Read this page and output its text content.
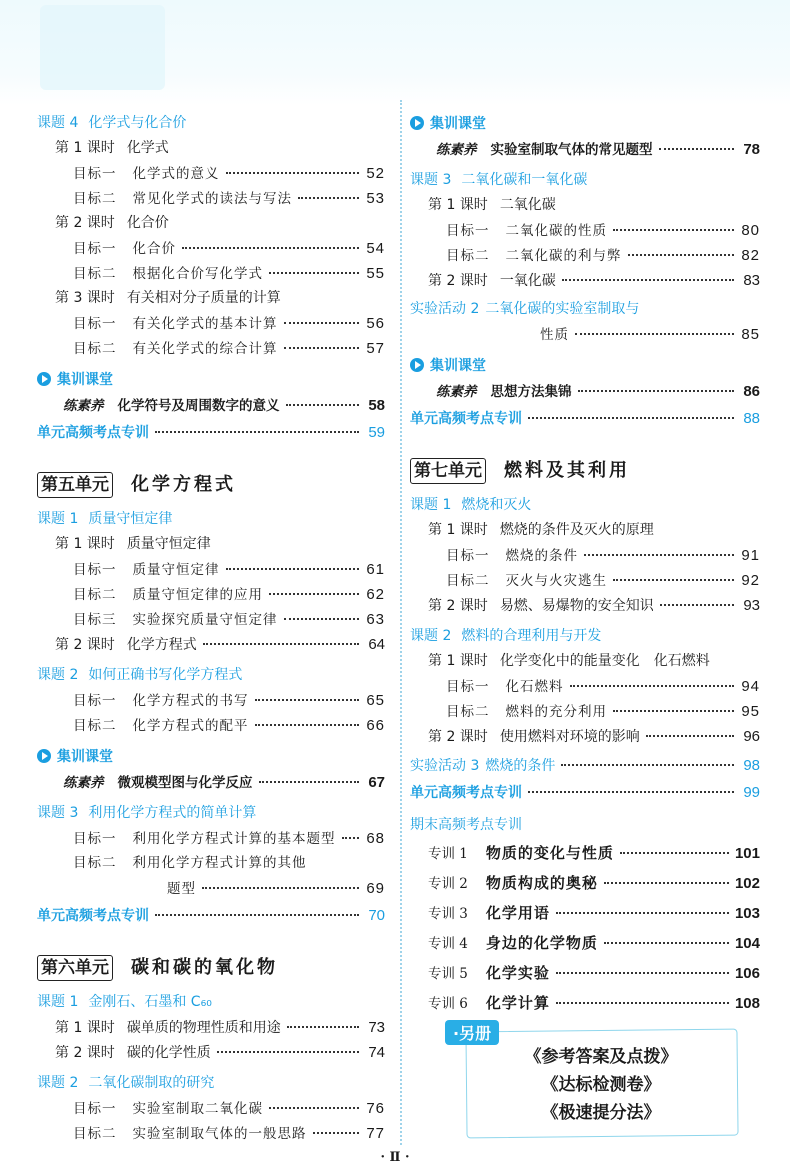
课题 4 化学式与化合价
第 1 课时 化学式
目标一 化学式的意义	52
目标二 常见化学式的读法与写法	53
第 2 课时 化合价
目标一 化合价	54
目标二 根据化合价写化学式	55
第 3 课时 有关相对分子质量的计算
目标一 有关化学式的基本计算	56
目标二 有关化学式的综合计算	57
集训课堂
练素养 化学符号及周围数字的意义	58
单元高频考点专训	59
第五单元 化学方程式
课题 1 质量守恒定律
第 1 课时 质量守恒定律
目标一 质量守恒定律	61
目标二 质量守恒定律的应用	62
目标三 实验探究质量守恒定律	63
第 2 课时 化学方程式	64
课题 2 如何正确书写化学方程式
目标一 化学方程式的书写	65
目标二 化学方程式的配平	66
集训课堂
练素养 微观模型图与化学反应	67
课题 3 利用化学方程式的简单计算
目标一 利用化学方程式计算的基本题型 68
目标二 利用化学方程式计算的其他
题型	69
单元高频考点专训	70
第六单元 碳和碳的氧化物
课题 1 金刚石、石墨和 C₆₀
第 1 课时 碳单质的物理性质和用途	73
第 2 课时 碳的化学性质	74
课题 2 二氧化碳制取的研究
目标一 实验室制取二氧化碳	76
目标二 实验室制取气体的一般思路	77
集训课堂
练素养 实验室制取气体的常见题型	78
课题 3 二氧化碳和一氧化碳
第 1 课时 二氧化碳
目标一 二氧化碳的性质	80
目标二 二氧化碳的利与弊	82
第 2 课时 一氧化碳	83
实验活动 2 二氧化碳的实验室制取与
性质	85
集训课堂
练素养 思想方法集锦	86
单元高频考点专训	88
第七单元 燃料及其利用
课题 1 燃烧和灭火
第 1 课时 燃烧的条件及灭火的原理
目标一 燃烧的条件	91
目标二 灭火与火灾逃生	92
第 2 课时 易燃、易爆物的安全知识	93
课题 2 燃料的合理利用与开发
第 1 课时 化学变化中的能量变化　化石燃料
目标一 化石燃料	94
目标二 燃料的充分利用	95
第 2 课时 使用燃料对环境的影响	96
实验活动 3 燃烧的条件	98
单元高频考点专训	99
期末高频考点专训
专训 1 物质的变化与性质	101
专训 2 物质构成的奥秘	102
专训 3 化学用语	103
专训 4 身边的化学物质	104
专训 5 化学实验	106
专训 6 化学计算	108
·另册
《参考答案及点拨》
《达标检测卷》
《极速提分法》
· Ⅱ ·
